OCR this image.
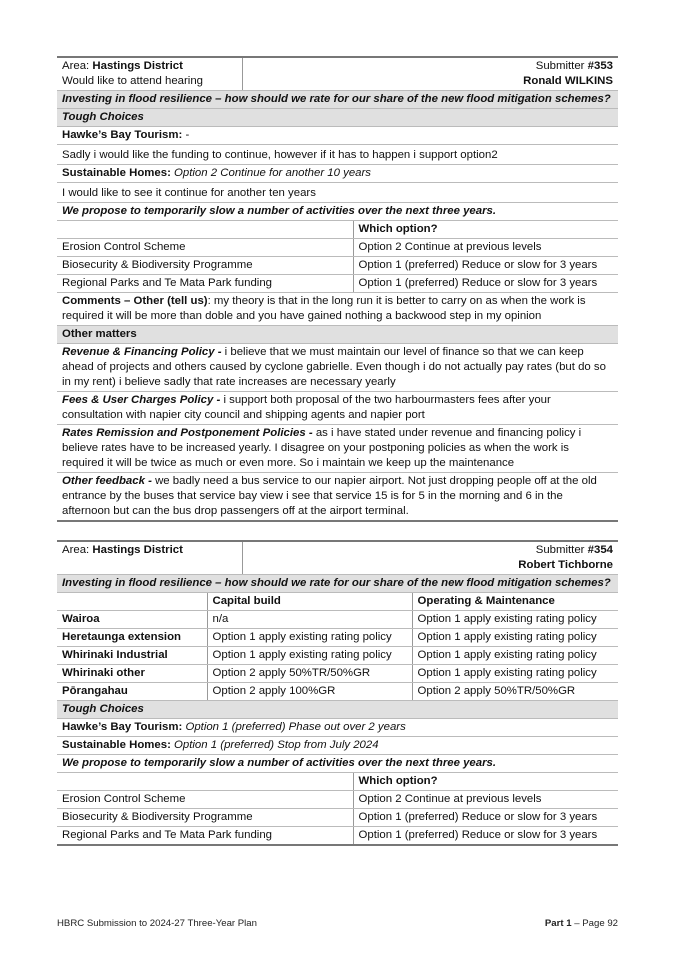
Area: Hastings District
Would like to attend hearing	Submitter #353
Ronald WILKINS	
Investing in flood resilience – how should we rate for our share of the new flood mitigation schemes?		
Tough Choices		
Hawke’s Bay Tourism: -		
Sadly i would like the funding to continue, however if it has to happen i support option2		
Sustainable Homes: Option 2 Continue for another 10 years		
I would like to see it continue for another ten years		
We propose to temporarily slow a number of activities over the next three years.		
		Which option?
Erosion Control Scheme		Option 2 Continue at previous levels
Biosecurity & Biodiversity Programme		Option 1 (preferred) Reduce or slow for 3 years
Regional Parks and Te Mata Park funding		Option 1 (preferred) Reduce or slow for 3 years
Comments – Other (tell us): my theory is that in the long run it is better to carry on as when the work is required it will be more than doble and you have gained nothing a backwood step in my opinion		
Other matters		
Revenue & Financing Policy - i believe that we must maintain our level of finance so that we can keep ahead of projects and others caused by cyclone gabrielle. Even though i do not actually pay rates (but do so in my rent) i believe sadly that rate increases are necessary yearly		
Fees & User Charges Policy - i support both proposal of the two harbourmasters fees after your consultation with napier city council and shipping agents and napier port		
Rates Remission and Postponement Policies - as i have stated under revenue and financing policy i believe rates have to be increased yearly. I disagree on your postponing policies as when the work is required it will be twice as much or even more. So i maintain we keep up the maintenance		
Other feedback - we badly need a bus service to our napier airport. Not just dropping people off at the old entrance by the buses that service bay view i see that service 15 is for 5 in the morning and 6 in the afternoon but can the bus drop passengers off at the airport terminal.		
Area: Hastings District		Submitter #354
Robert Tichborne		
Investing in flood resilience – how should we rate for our share of the new flood mitigation schemes?				
	Capital build			Operating & Maintenance
Wairoa	n/a			Option 1 apply existing rating policy
Heretaunga extension	Option 1 apply existing rating policy			Option 1 apply existing rating policy
Whirinaki Industrial	Option 1 apply existing rating policy			Option 1 apply existing rating policy
Whirinaki other	Option 2 apply 50%TR/50%GR			Option 1 apply existing rating policy
Pōrangahau	Option 2 apply 100%GR			Option 2 apply 50%TR/50%GR
Tough Choices				
Hawke’s Bay Tourism: Option 1 (preferred) Phase out over 2 years				
Sustainable Homes: Option 1 (preferred) Stop from July 2024				
We propose to temporarily slow a number of activities over the next three years.				
			Which option?	
Erosion Control Scheme			Option 2 Continue at previous levels	
Biosecurity & Biodiversity Programme			Option 1 (preferred) Reduce or slow for 3 years	
Regional Parks and Te Mata Park funding			Option 1 (preferred) Reduce or slow for 3 years	
HBRC Submission to 2024-27 Three-Year Plan	Part 1 – Page 92
